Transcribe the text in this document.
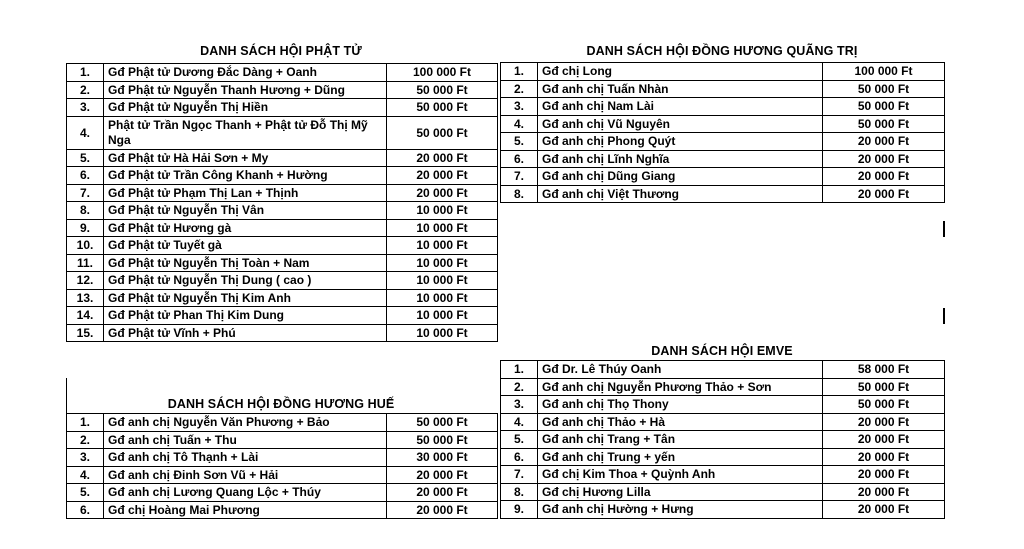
DANH SÁCH HỘI PHẬT TỬ
1.	Gđ Phật tử Dương Đắc Dàng + Oanh	100 000 Ft
2.	Gđ Phật tử Nguyễn Thanh Hương + Dũng	50 000 Ft
3.	Gđ Phật tử Nguyễn Thị Hiền	50 000 Ft
4.	Phật tử Trần Ngọc Thanh + Phật tử Đỗ Thị Mỹ Nga	50 000 Ft
5.	Gđ Phật tử Hà Hải Sơn + My	20 000 Ft
6.	Gđ Phật tử Trần Công Khanh + Hường	20 000 Ft
7.	Gđ Phật tử Phạm Thị Lan + Thịnh	20 000 Ft
8.	Gđ Phật tử Nguyễn Thị Vân	10 000 Ft
9.	Gđ Phật tử Hương gà	10 000 Ft
10.	Gđ Phật tử Tuyết gà	10 000 Ft
11.	Gđ Phật tử Nguyễn Thị Toàn + Nam	10 000 Ft
12.	Gđ Phật tử Nguyễn Thị Dung ( cao )	10 000 Ft
13.	Gđ Phật tử Nguyễn Thị Kim Anh	10 000 Ft
14.	Gđ Phật tử Phan Thị Kim Dung	10 000 Ft
15.	Gđ Phật tử Vĩnh + Phú	10 000 Ft
DANH SÁCH HỘI ĐỒNG HƯƠNG QUÃNG TRỊ
1.	Gđ chị Long	100 000 Ft
2.	Gđ anh chị Tuấn Nhàn	50 000 Ft
3.	Gđ anh chị Nam Lài	50 000 Ft
4.	Gđ anh chị Vũ Nguyên	50 000 Ft
5.	Gđ anh chị Phong Quýt	20 000 Ft
6.	Gđ anh chị Lĩnh Nghĩa	20 000 Ft
7.	Gđ anh chị Dũng Giang	20 000 Ft
8.	Gđ anh chị Việt Thương	20 000 Ft
DANH SÁCH HỘI ĐỒNG HƯƠNG HUẾ
1.	Gđ anh chị Nguyễn Văn Phương + Bảo	50 000 Ft
2.	Gđ anh chị Tuấn + Thu	50 000 Ft
3.	Gđ anh chị Tô Thạnh + Lài	30 000 Ft
4.	Gđ anh chị Đinh Sơn Vũ + Hải	20 000 Ft
5.	Gđ anh chị Lương Quang Lộc + Thúy	20 000 Ft
6.	Gđ chị Hoàng Mai Phương	20 000 Ft
DANH SÁCH HỘI EMVE
1.	Gđ Dr. Lê Thúy Oanh	58 000 Ft
2.	Gđ anh chị Nguyễn Phương Thảo + Sơn	50 000 Ft
3.	Gđ anh chị Thọ Thony	50 000 Ft
4.	Gđ anh chị Thảo + Hà	20 000 Ft
5.	Gđ anh chị Trang + Tân	20 000 Ft
6.	Gđ anh chị Trung + yến	20 000 Ft
7.	Gđ chị Kim Thoa + Quỳnh Anh	20 000 Ft
8.	Gđ chị Hương Lilla	20 000 Ft
9.	Gđ anh chị Hường + Hưng	20 000 Ft
